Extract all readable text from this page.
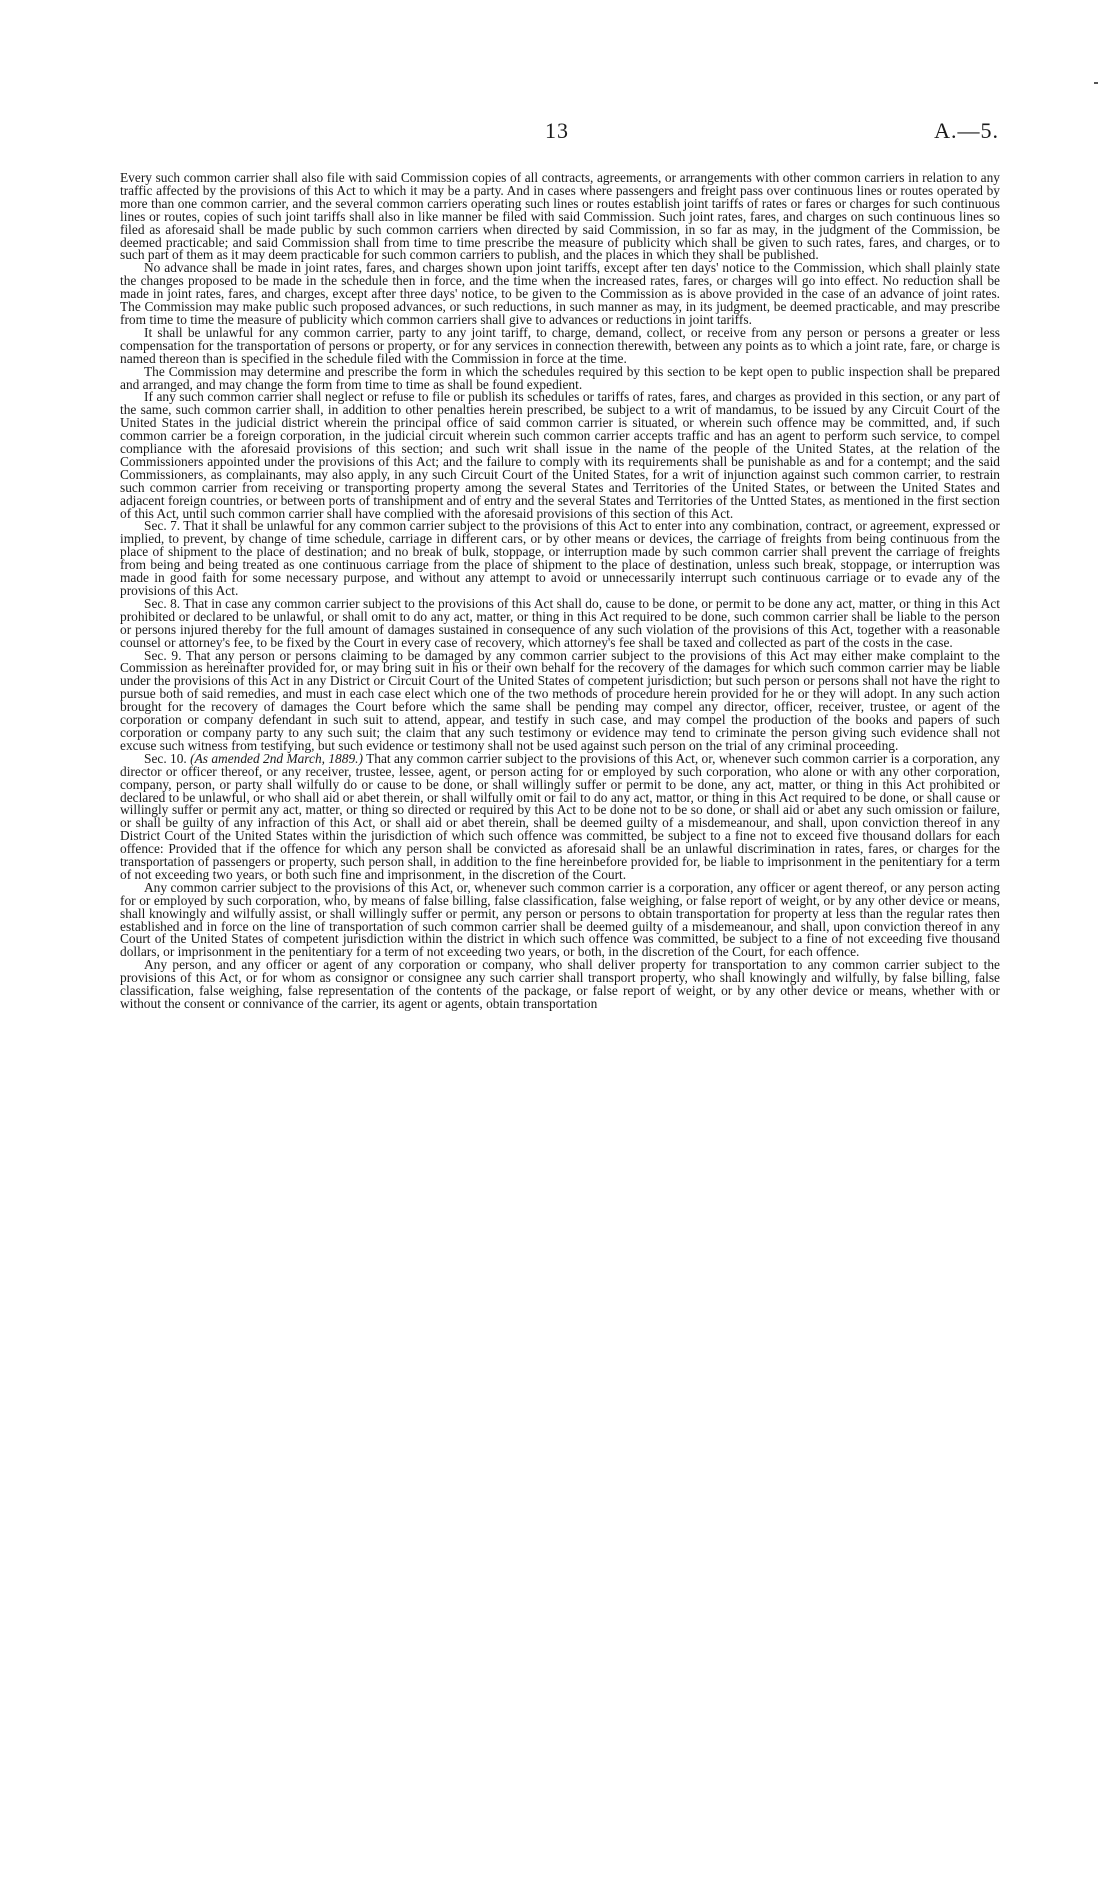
13	A.—5.

Every such common carrier shall also file with said Commission copies of all contracts, agreements, or arrangements with other common carriers in relation to any traffic affected by the provisions of this Act to which it may be a party. And in cases where passengers and freight pass over continuous lines or routes operated by more than one common carrier, and the several common carriers operating such lines or routes establish joint tariffs of rates or fares or charges for such continuous lines or routes, copies of such joint tariffs shall also in like manner be filed with said Commission. Such joint rates, fares, and charges on such continuous lines so filed as aforesaid shall be made public by such common carriers when directed by said Commission, in so far as may, in the judgment of the Commission, be deemed practicable; and said Commission shall from time to time prescribe the measure of publicity which shall be given to such rates, fares, and charges, or to such part of them as it may deem practicable for such common carriers to publish, and the places in which they shall be published.

No advance shall be made in joint rates, fares, and charges shown upon joint tariffs, except after ten days' notice to the Commission, which shall plainly state the changes proposed to be made in the schedule then in force, and the time when the increased rates, fares, or charges will go into effect. No reduction shall be made in joint rates, fares, and charges, except after three days' notice, to be given to the Commission as is above provided in the case of an advance of joint rates. The Commission may make public such proposed advances, or such reductions, in such manner as may, in its judgment, be deemed practicable, and may prescribe from time to time the measure of publicity which common carriers shall give to advances or reductions in joint tariffs.

It shall be unlawful for any common carrier, party to any joint tariff, to charge, demand, collect, or receive from any person or persons a greater or less compensation for the transportation of persons or property, or for any services in connection therewith, between any points as to which a joint rate, fare, or charge is named thereon than is specified in the schedule filed with the Commission in force at the time.

The Commission may determine and prescribe the form in which the schedules required by this section to be kept open to public inspection shall be prepared and arranged, and may change the form from time to time as shall be found expedient.

If any such common carrier shall neglect or refuse to file or publish its schedules or tariffs of rates, fares, and charges as provided in this section, or any part of the same, such common carrier shall, in addition to other penalties herein prescribed, be subject to a writ of mandamus, to be issued by any Circuit Court of the United States in the judicial district wherein the principal office of said common carrier is situated, or wherein such offence may be committed, and, if such common carrier be a foreign corporation, in the judicial circuit wherein such common carrier accepts traffic and has an agent to perform such service, to compel compliance with the aforesaid provisions of this section; and such writ shall issue in the name of the people of the United States, at the relation of the Commissioners appointed under the provisions of this Act; and the failure to comply with its requirements shall be punishable as and for a contempt; and the said Commissioners, as complainants, may also apply, in any such Circuit Court of the United States, for a writ of injunction against such common carrier, to restrain such common carrier from receiving or transporting property among the several States and Territories of the United States, or between the United States and adjacent foreign countries, or between ports of transhipment and of entry and the several States and Territories of the Untted States, as mentioned in the first section of this Act, until such common carrier shall have complied with the aforesaid provisions of this section of this Act.

Sec. 7. That it shall be unlawful for any common carrier subject to the provisions of this Act to enter into any combination, contract, or agreement, expressed or implied, to prevent, by change of time schedule, carriage in different cars, or by other means or devices, the carriage of freights from being continuous from the place of shipment to the place of destination; and no break of bulk, stoppage, or interruption made by such common carrier shall prevent the carriage of freights from being and being treated as one continuous carriage from the place of shipment to the place of destination, unless such break, stoppage, or interruption was made in good faith for some necessary purpose, and without any attempt to avoid or unnecessarily interrupt such continuous carriage or to evade any of the provisions of this Act.

Sec. 8. That in case any common carrier subject to the provisions of this Act shall do, cause to be done, or permit to be done any act, matter, or thing in this Act prohibited or declared to be unlawful, or shall omit to do any act, matter, or thing in this Act required to be done, such common carrier shall be liable to the person or persons injured thereby for the full amount of damages sustained in consequence of any such violation of the provisions of this Act, together with a reasonable counsel or attorney's fee, to be fixed by the Court in every case of recovery, which attorney's fee shall be taxed and collected as part of the costs in the case.

Sec. 9. That any person or persons claiming to be damaged by any common carrier subject to the provisions of this Act may either make complaint to the Commission as hereinafter provided for, or may bring suit in his or their own behalf for the recovery of the damages for which such common carrier may be liable under the provisions of this Act in any District or Circuit Court of the United States of competent jurisdiction; but such person or persons shall not have the right to pursue both of said remedies, and must in each case elect which one of the two methods of procedure herein provided for he or they will adopt. In any such action brought for the recovery of damages the Court before which the same shall be pending may compel any director, officer, receiver, trustee, or agent of the corporation or company defendant in such suit to attend, appear, and testify in such case, and may compel the production of the books and papers of such corporation or company party to any such suit; the claim that any such testimony or evidence may tend to criminate the person giving such evidence shall not excuse such witness from testifying, but such evidence or testimony shall not be used against such person on the trial of any criminal proceeding.

Sec. 10. (As amended 2nd March, 1889.) That any common carrier subject to the provisions of this Act, or, whenever such common carrier is a corporation, any director or officer thereof, or any receiver, trustee, lessee, agent, or person acting for or employed by such corporation, who alone or with any other corporation, company, person, or party shall wilfully do or cause to be done, or shall willingly suffer or permit to be done, any act, matter, or thing in this Act prohibited or declared to be unlawful, or who shall aid or abet therein, or shall wilfully omit or fail to do any act, mattor, or thing in this Act required to be done, or shall cause or willingly suffer or permit any act, matter, or thing so directed or required by this Act to be done not to be so done, or shall aid or abet any such omission or failure, or shall be guilty of any infraction of this Act, or shall aid or abet therein, shall be deemed guilty of a misdemeanour, and shall, upon conviction thereof in any District Court of the United States within the jurisdiction of which such offence was committed, be subject to a fine not to exceed five thousand dollars for each offence: Provided that if the offence for which any person shall be convicted as aforesaid shall be an unlawful discrimination in rates, fares, or charges for the transportation of passengers or property, such person shall, in addition to the fine hereinbefore provided for, be liable to imprisonment in the penitentiary for a term of not exceeding two years, or both such fine and imprisonment, in the discretion of the Court.

Any common carrier subject to the provisions of this Act, or, whenever such common carrier is a corporation, any officer or agent thereof, or any person acting for or employed by such corporation, who, by means of false billing, false classification, false weighing, or false report of weight, or by any other device or means, shall knowingly and wilfully assist, or shall willingly suffer or permit, any person or persons to obtain transportation for property at less than the regular rates then established and in force on the line of transportation of such common carrier shall be deemed guilty of a misdemeanour, and shall, upon conviction thereof in any Court of the United States of competent jurisdiction within the district in which such offence was committed, be subject to a fine of not exceeding five thousand dollars, or imprisonment in the penitentiary for a term of not exceeding two years, or both, in the discretion of the Court, for each offence.

Any person, and any officer or agent of any corporation or company, who shall deliver property for transportation to any common carrier subject to the provisions of this Act, or for whom as consignor or consignee any such carrier shall transport property, who shall knowingly and wilfully, by false billing, false classification, false weighing, false representation of the contents of the package, or false report of weight, or by any other device or means, whether with or without the consent or connivance of the carrier, its agent or agents, obtain transportation
